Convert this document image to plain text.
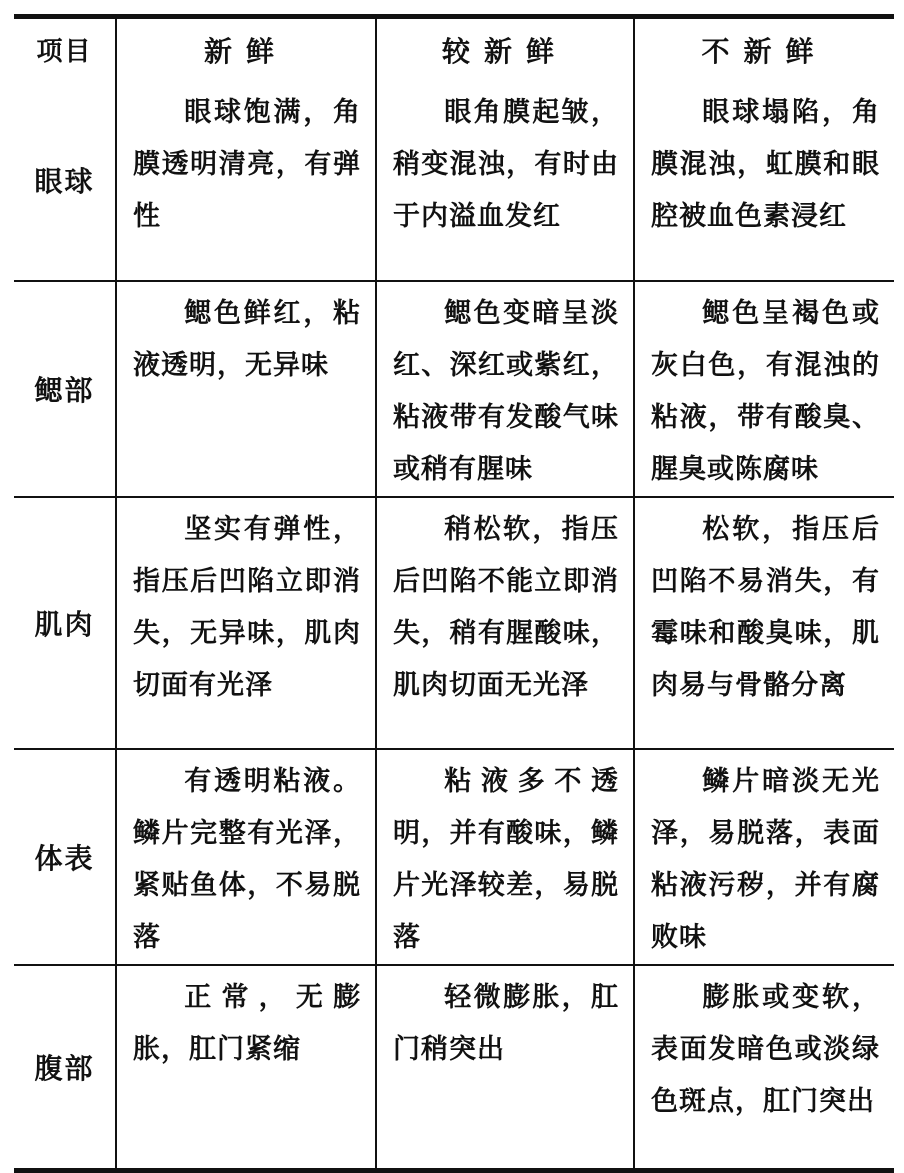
项目	新鲜	较新鲜	不新鲜
眼球	眼球饱满，角膜透明清亮，有弹性	眼角膜起皱，稍变混浊，有时由于内溢血发红	眼球塌陷，角膜混浊，虹膜和眼腔被血色素浸红
鳃部	鳃色鲜红，粘液透明，无异味	鳃色变暗呈淡红、深红或紫红，粘液带有发酸气味或稍有腥味	鳃色呈褐色或灰白色，有混浊的粘液，带有酸臭、腥臭或陈腐味
肌肉	坚实有弹性，指压后凹陷立即消失，无异味，肌肉切面有光泽	稍松软，指压后凹陷不能立即消失，稍有腥酸味，肌肉切面无光泽	松软，指压后凹陷不易消失，有霉味和酸臭味，肌肉易与骨骼分离
体表	有透明粘液。鳞片完整有光泽，紧贴鱼体，不易脱落	粘液多不透明，并有酸味，鳞片光泽较差，易脱落	鳞片暗淡无光泽，易脱落，表面粘液污秽，并有腐败味
腹部	正常，无膨胀，肛门紧缩	轻微膨胀，肛门稍突出	膨胀或变软，表面发暗色或淡绿色斑点，肛门突出
